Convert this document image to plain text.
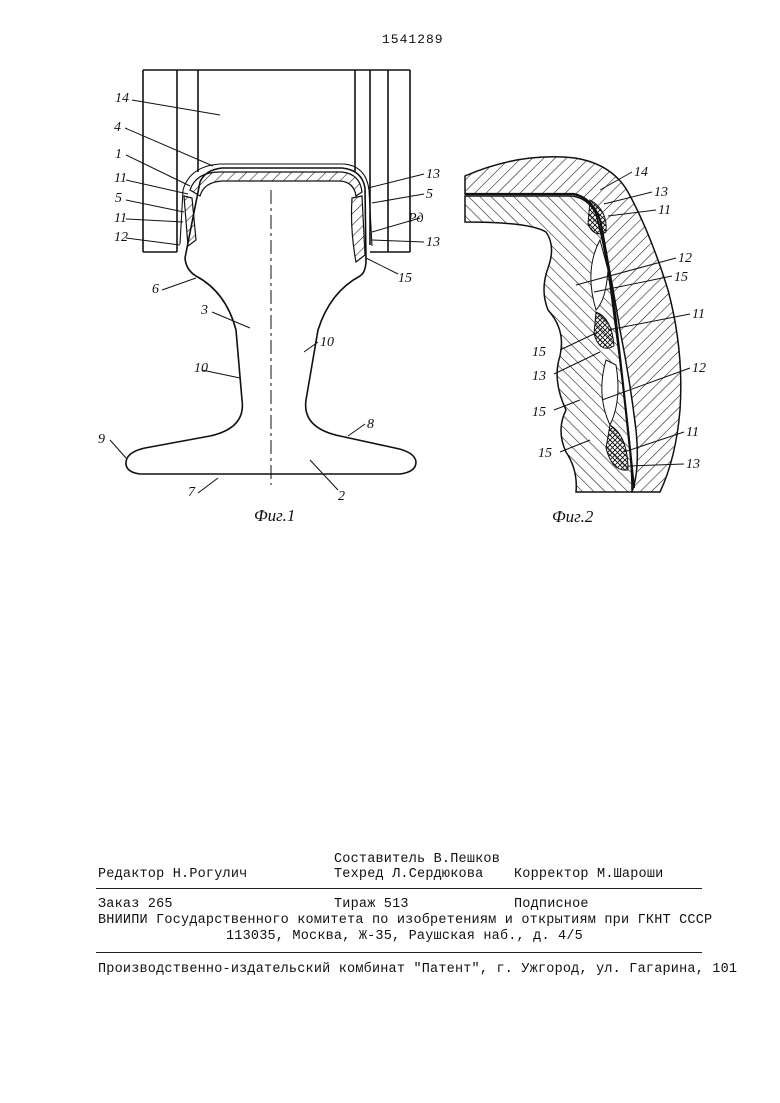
1541289
14
4
1
11
5
11
12
6
3
10
10
9
7	2
8
13
5
Pд
13
15
Фиг.1
14
13
11
12
15
11
15
13
12
15
15
11
13
Фиг.2
Составитель В.Пешков
Редактор Н.Рогулич	Техред Л.Сердюкова Корректор М.Шароши
Заказ 265	Тираж 513	Подписное
ВНИИПИ Государственного комитета по изобретениям и открытиям при ГКНТ СССР
113035, Москва, Ж-35, Раушская наб., д. 4/5
Производственно-издательский комбинат "Патент", г. Ужгород, ул. Гагарина, 101
